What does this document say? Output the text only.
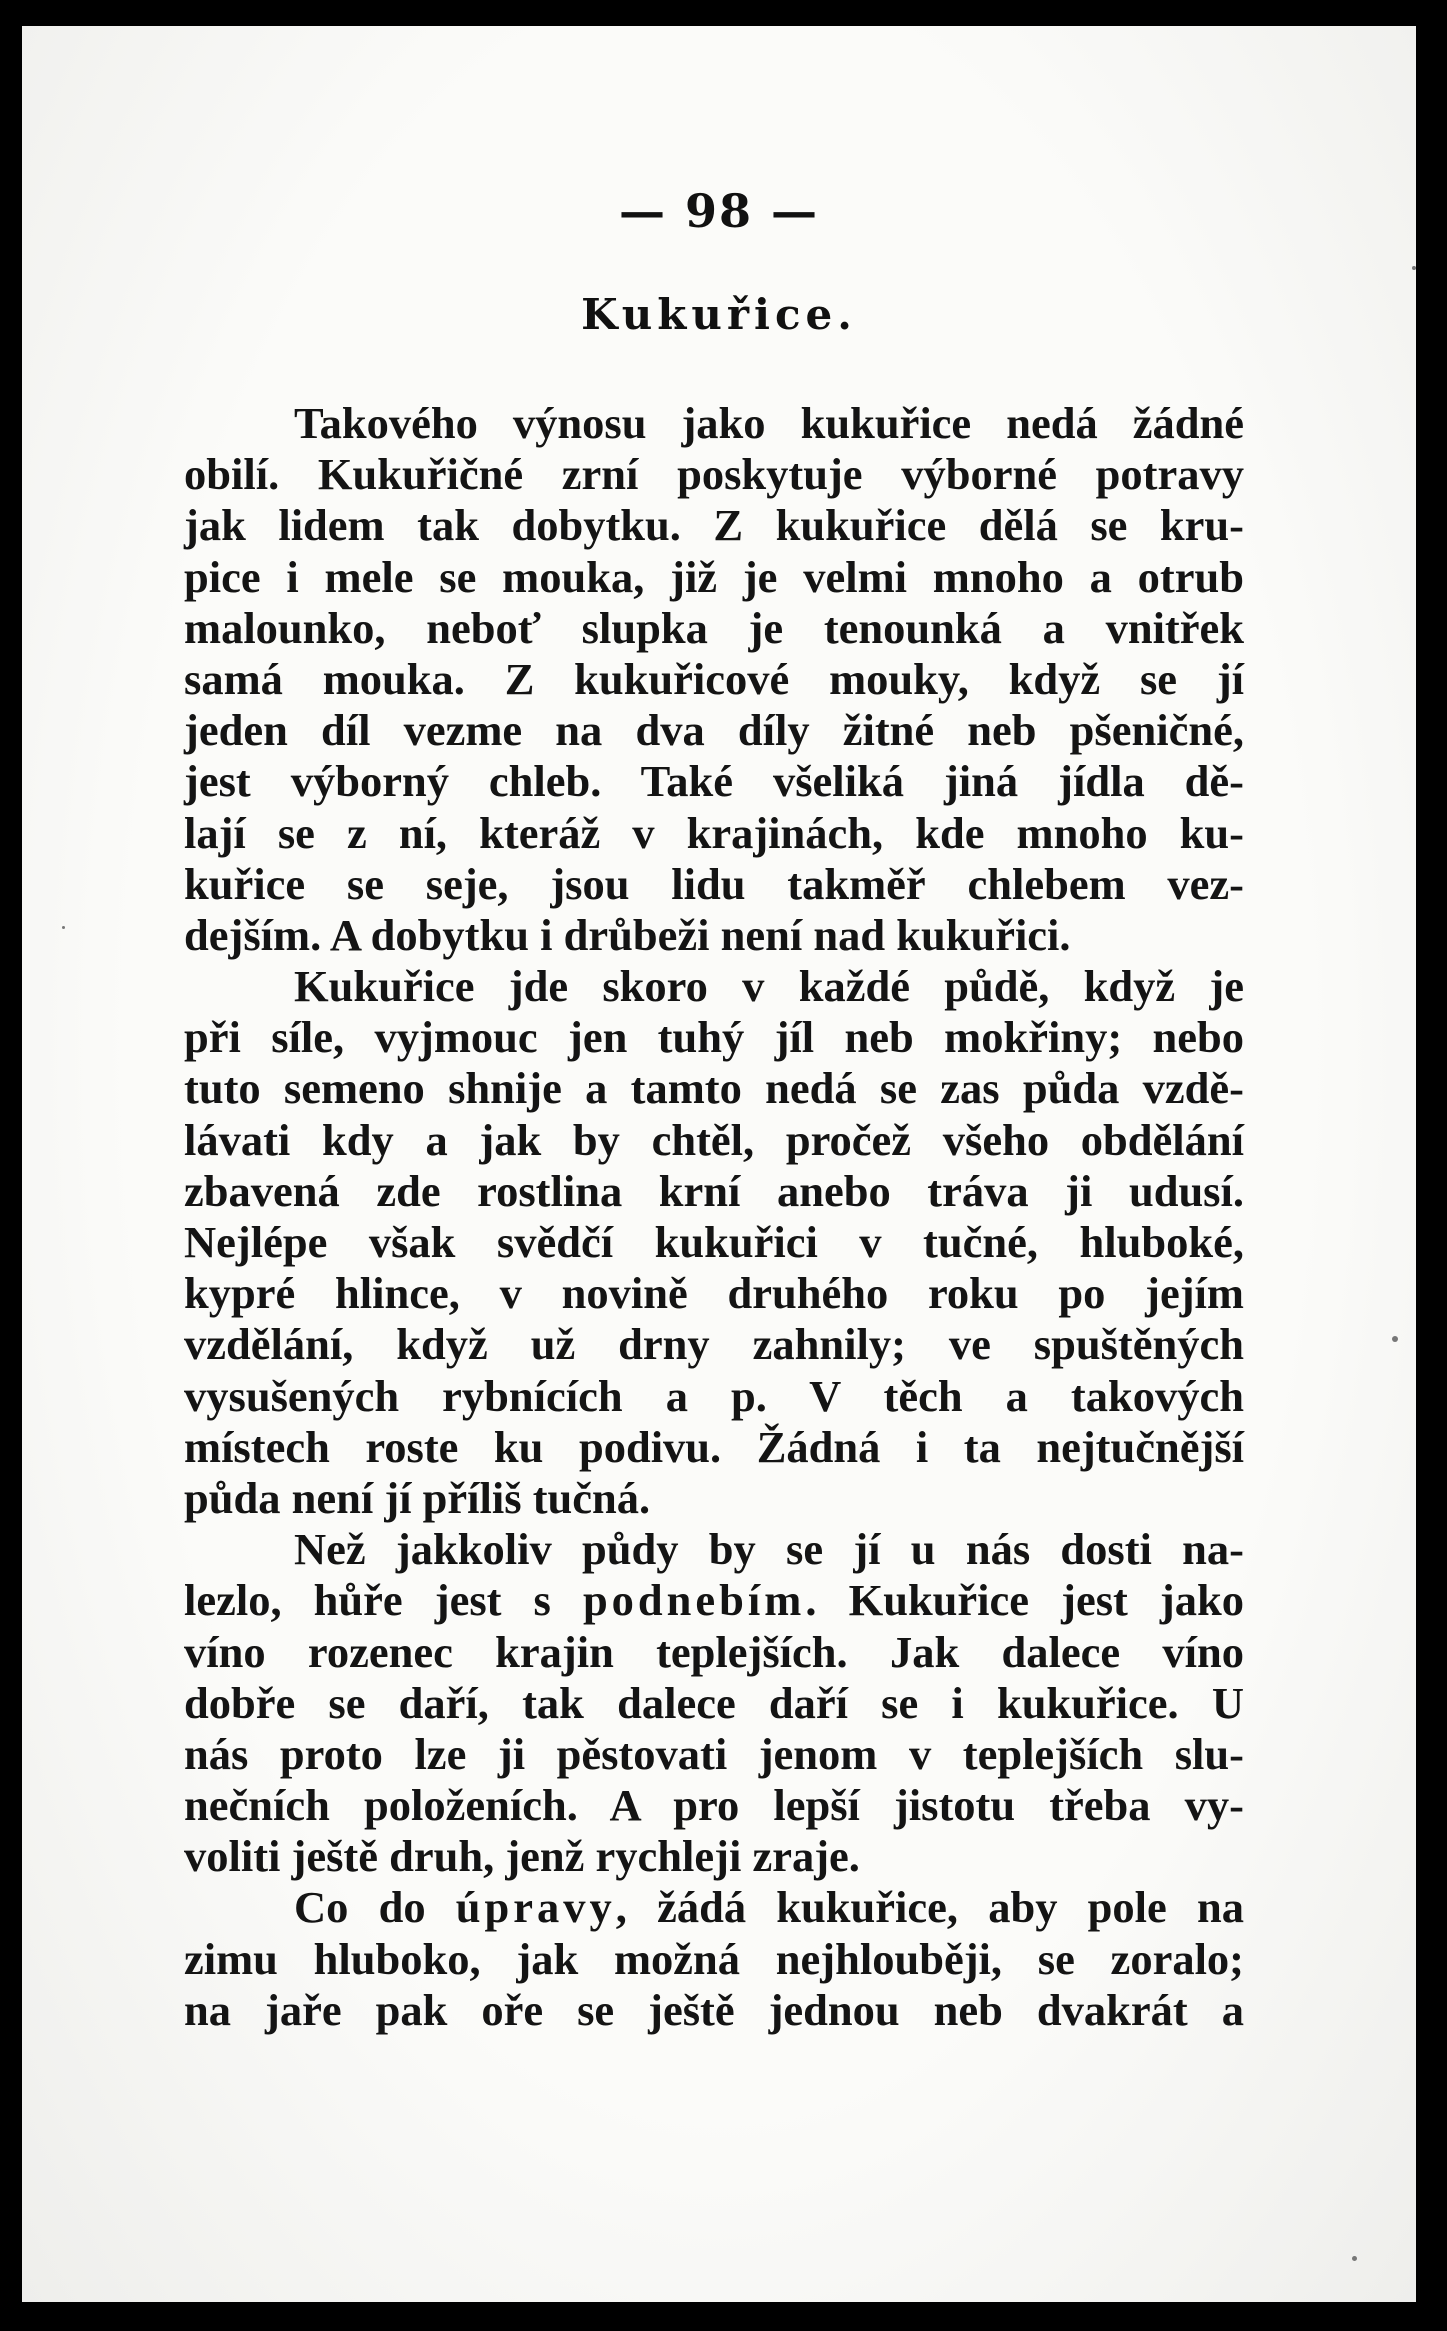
— 98 —
Kukuřice.
Takového výnosu jako kukuřice nedá žádné
obilí. Kukuřičné zrní poskytuje výborné potravy
jak lidem tak dobytku. Z kukuřice dělá se kru-
pice i mele se mouka, již je velmi mnoho a otrub
malounko, neboť slupka je tenounká a vnitřek
samá mouka. Z kukuřicové mouky, když se jí
jeden díl vezme na dva díly žitné neb pšeničné,
jest výborný chleb. Také všeliká jiná jídla dě-
lají se z ní, kteráž v krajinách, kde mnoho ku-
kuřice se seje, jsou lidu takměř chlebem vez-
dejším. A dobytku i drůbeži není nad kukuřici.
Kukuřice jde skoro v každé půdě, když je
při síle, vyjmouc jen tuhý jíl neb mokřiny; nebo
tuto semeno shnije a tamto nedá se zas půda vzdě-
lávati kdy a jak by chtěl, pročež všeho obdělání
zbavená zde rostlina krní anebo tráva ji udusí.
Nejlépe však svědčí kukuřici v tučné, hluboké,
kypré hlince, v novině druhého roku po jejím
vzdělání, když už drny zahnily; ve spuštěných
vysušených rybnících a p. V těch a takových
místech roste ku podivu. Žádná i ta nejtučnější
půda není jí příliš tučná.
Než jakkoliv půdy by se jí u nás dosti na-
lezlo, hůře jest s podnebím. Kukuřice jest jako
víno rozenec krajin teplejších. Jak dalece víno
dobře se daří, tak dalece daří se i kukuřice. U
nás proto lze ji pěstovati jenom v teplejších slu-
nečních položeních. A pro lepší jistotu třeba vy-
voliti ještě druh, jenž rychleji zraje.
Co do úpravy, žádá kukuřice, aby pole na
zimu hluboko, jak možná nejhlouběji, se zoralo;
na jaře pak oře se ještě jednou neb dvakrát a
